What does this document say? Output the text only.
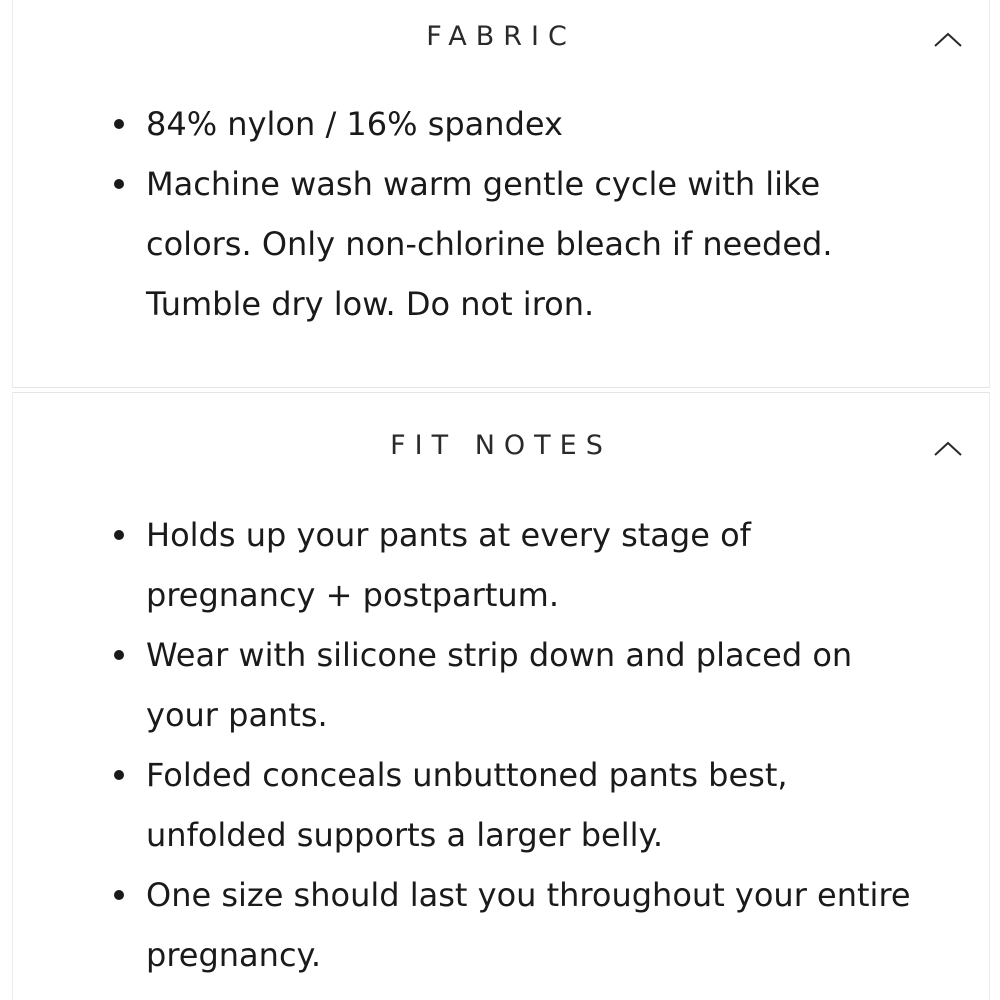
FABRIC
84% nylon / 16% spandex
Machine wash warm gentle cycle with like colors. Only non-chlorine bleach if needed. Tumble dry low. Do not iron.
FIT NOTES
Holds up your pants at every stage of pregnancy + postpartum.
Wear with silicone strip down and placed on your pants.
Folded conceals unbuttoned pants best, unfolded supports a larger belly.
One size should last you throughout your entire pregnancy.
